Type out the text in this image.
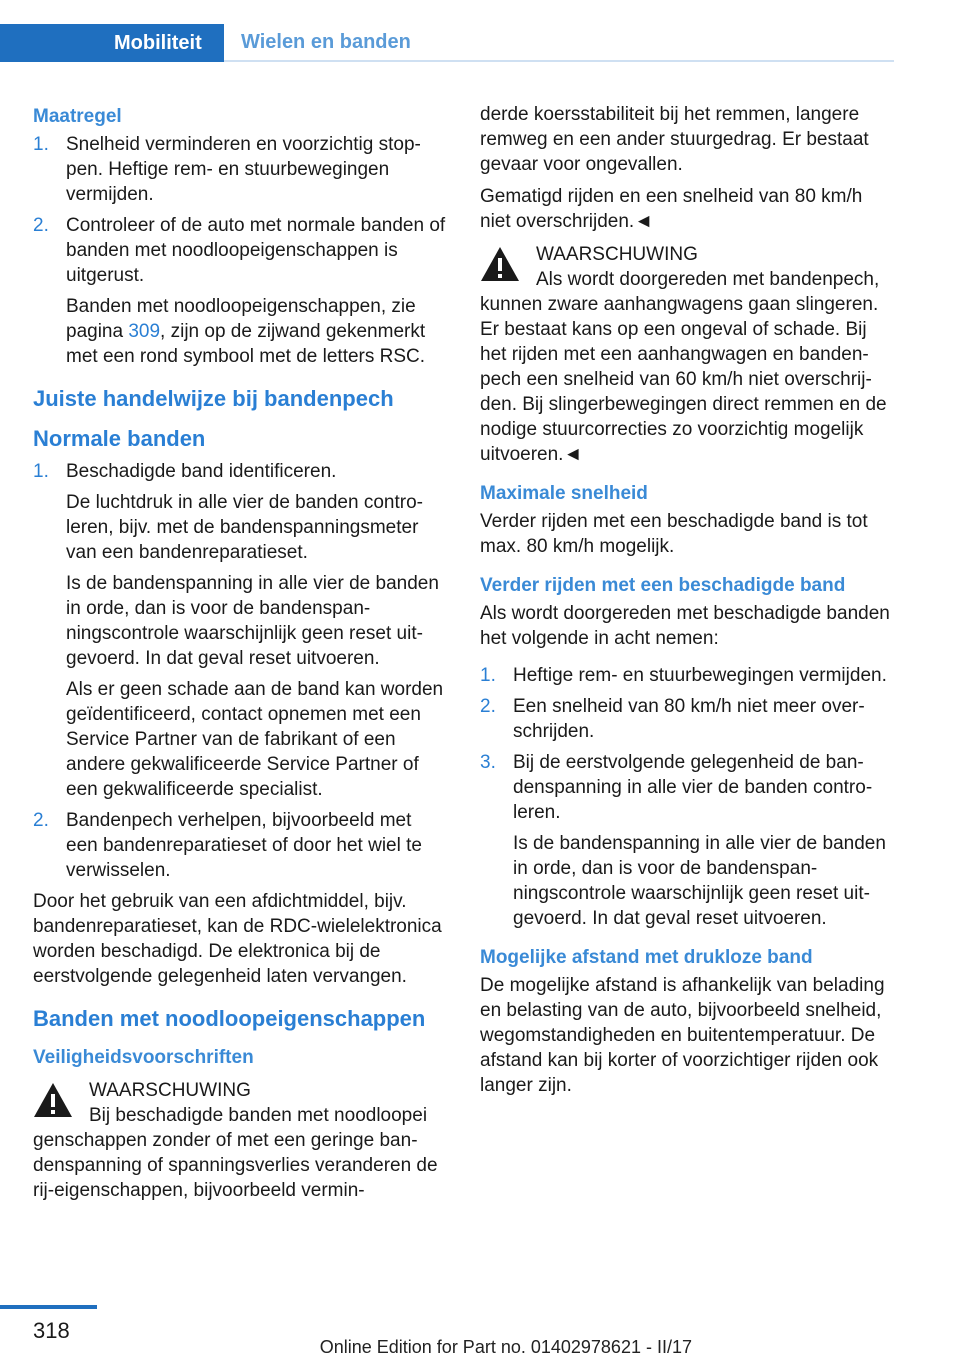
Mobiliteit	Wielen en banden
Maatregel
1. Snelheid verminderen en voorzichtig stoppen. Heftige rem- en stuurbewegingen vermijden.

2. Controleer of de auto met normale banden of banden met noodloopeigenschappen is uitgerust.

Banden met noodloopeigenschappen, zie pagina 309, zijn op de zijwand gekenmerkt met een rond symbool met de letters RSC.

Juiste handelwijze bij bandenpech
Normale banden
1. Beschadigde band identificeren.

De luchtdruk in alle vier de banden controleren, bijv. met de bandenspanningsmeter van een bandenreparatieset.

Is de bandenspanning in alle vier de banden in orde, dan is voor de bandenspanningscontrole waarschijnlijk geen reset uitgevoerd. In dat geval reset uitvoeren.

Als er geen schade aan de band kan worden geïdentificeerd, contact opnemen met een Service Partner van de fabrikant of een andere gekwalificeerde Service Partner of een gekwalificeerde specialist.

2. Bandenpech verhelpen, bijvoorbeeld met een bandenreparatieset of door het wiel te verwisselen.

Door het gebruik van een afdichtmiddel, bijv. bandenreparatieset, kan de RDC-wielelektronica worden beschadigd. De elektronica bij de eerstvolgende gelegenheid laten vervangen.

Banden met noodloopeigenschappen
Veiligheidsvoorschriften
WAARSCHUWING
Bij beschadigde banden met noodloopei
genschappen zonder of met een geringe bandenspanning of spanningsverlies veranderen de rij-eigenschappen, bijvoorbeeld vermin-

derde koersstabiliteit bij het remmen, langere remweg en een ander stuurgedrag. Er bestaat gevaar voor ongevallen.

Gematigd rijden en een snelheid van 80 km/h niet overschrijden.◄

WAARSCHUWING
Als wordt doorgereden met bandenpech,
kunnen zware aanhangwagens gaan slingeren. Er bestaat kans op een ongeval of schade. Bij het rijden met een aanhangwagen en bandenpech een snelheid van 60 km/h niet overschrijden. Bij slingerbewegingen direct remmen en de nodige stuurcorrecties zo voorzichtig mogelijk uitvoeren.◄
Maximale snelheid

Verder rijden met een beschadigde band is tot max. 80 km/h mogelijk.

Verder rijden met een beschadigde band

Als wordt doorgereden met beschadigde banden het volgende in acht nemen:

1. Heftige rem- en stuurbewegingen vermijden.

2. Een snelheid van 80 km/h niet meer overschrijden.

3. Bij de eerstvolgende gelegenheid de bandenspanning in alle vier de banden controleren.

Is de bandenspanning in alle vier de banden in orde, dan is voor de bandenspanningscontrole waarschijnlijk geen reset uitgevoerd. In dat geval reset uitvoeren.

Mogelijke afstand met drukloze band

De mogelijke afstand is afhankelijk van belading en belasting van de auto, bijvoorbeeld snelheid, wegomstandigheden en buitentemperatuur. De afstand kan bij korter of voorzichtiger rijden ook langer zijn.

318
Online Edition for Part no. 01402978621 - II/17
